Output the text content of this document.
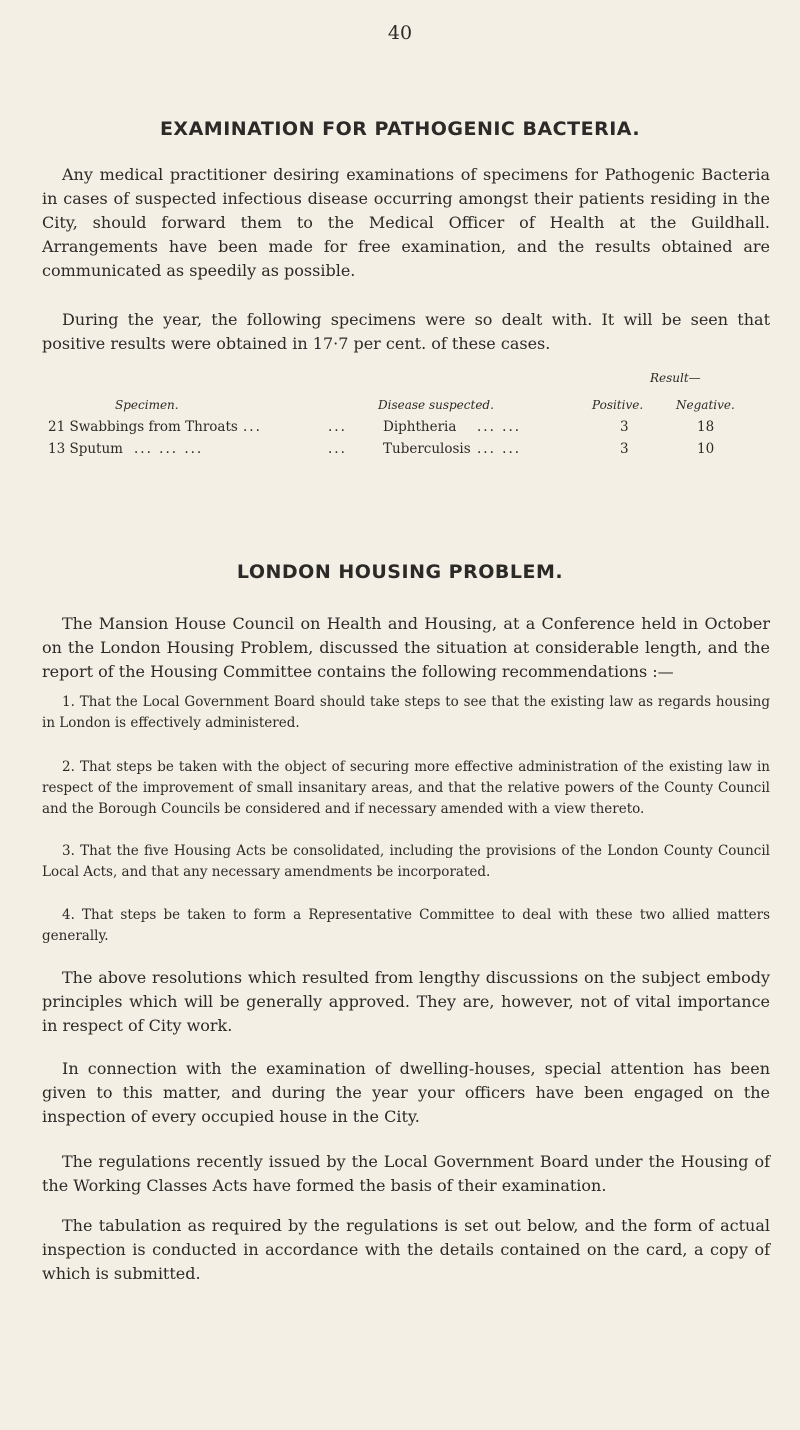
40
EXAMINATION FOR PATHOGENIC BACTERIA.
Any medical practitioner desiring examinations of specimens for Pathogenic Bacteria in cases of suspected infectious disease occurring amongst their patients residing in the City, should forward them to the Medical Officer of Health at the Guildhall. Arrangements have been made for free examination, and the results obtained are communicated as speedily as possible.
During the year, the following specimens were so dealt with. It will be seen that positive results were obtained in 17·7 per cent. of these cases.
Result—
Specimen.	Disease suspected.	Positive.	Negative.
21 Swabbings from Throats ...	...	Diphtheria ... ...	3	18
13 Sputum ... ... ...	...	Tuberculosis ... ...	3	10
LONDON HOUSING PROBLEM.
The Mansion House Council on Health and Housing, at a Conference held in October on the London Housing Problem, discussed the situation at considerable length, and the report of the Housing Committee contains the following recommendations :—
1. That the Local Government Board should take steps to see that the existing law as regards housing in London is effectively administered.
2. That steps be taken with the object of securing more effective administration of the existing law in respect of the improvement of small insanitary areas, and that the relative powers of the County Council and the Borough Councils be considered and if necessary amended with a view thereto.
3. That the five Housing Acts be consolidated, including the provisions of the London County Council Local Acts, and that any necessary amendments be incorporated.
4. That steps be taken to form a Representative Committee to deal with these two allied matters generally.
The above resolutions which resulted from lengthy discussions on the subject embody principles which will be generally approved. They are, however, not of vital importance in respect of City work.
In connection with the examination of dwelling-houses, special attention has been given to this matter, and during the year your officers have been engaged on the inspection of every occupied house in the City.
The regulations recently issued by the Local Government Board under the Housing of the Working Classes Acts have formed the basis of their examination.
The tabulation as required by the regulations is set out below, and the form of actual inspection is conducted in accordance with the details contained on the card, a copy of which is submitted.
